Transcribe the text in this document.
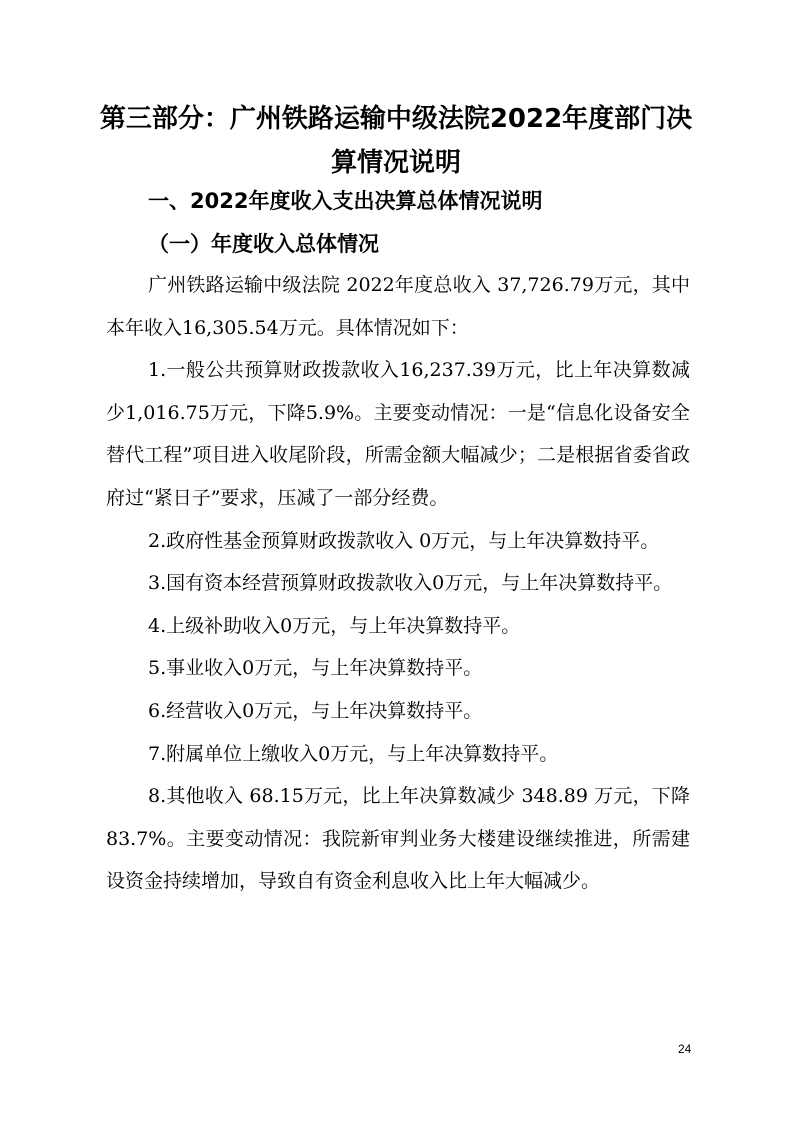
第三部分：广州铁路运输中级法院2022年度部门决算情况说明
一、2022年度收入支出决算总体情况说明
（一）年度收入总体情况

广州铁路运输中级法院 2022年度总收入 37,726.79万元，其中本年收入16,305.54万元。具体情况如下：

1.一般公共预算财政拨款收入16,237.39万元，比上年决算数减少1,016.75万元，下降5.9%。主要变动情况：一是“信息化设备安全替代工程”项目进入收尾阶段，所需金额大幅减少；二是根据省委省政府过“紧日子”要求，压减了一部分经费。

2.政府性基金预算财政拨款收入 0万元，与上年决算数持平。

3.国有资本经营预算财政拨款收入0万元，与上年决算数持平。

4.上级补助收入0万元，与上年决算数持平。

5.事业收入0万元，与上年决算数持平。

6.经营收入0万元，与上年决算数持平。

7.附属单位上缴收入0万元，与上年决算数持平。

8.其他收入 68.15万元，比上年决算数减少 348.89 万元，下降83.7%。主要变动情况：我院新审判业务大楼建设继续推进，所需建设资金持续增加，导致自有资金利息收入比上年大幅减少。

24
